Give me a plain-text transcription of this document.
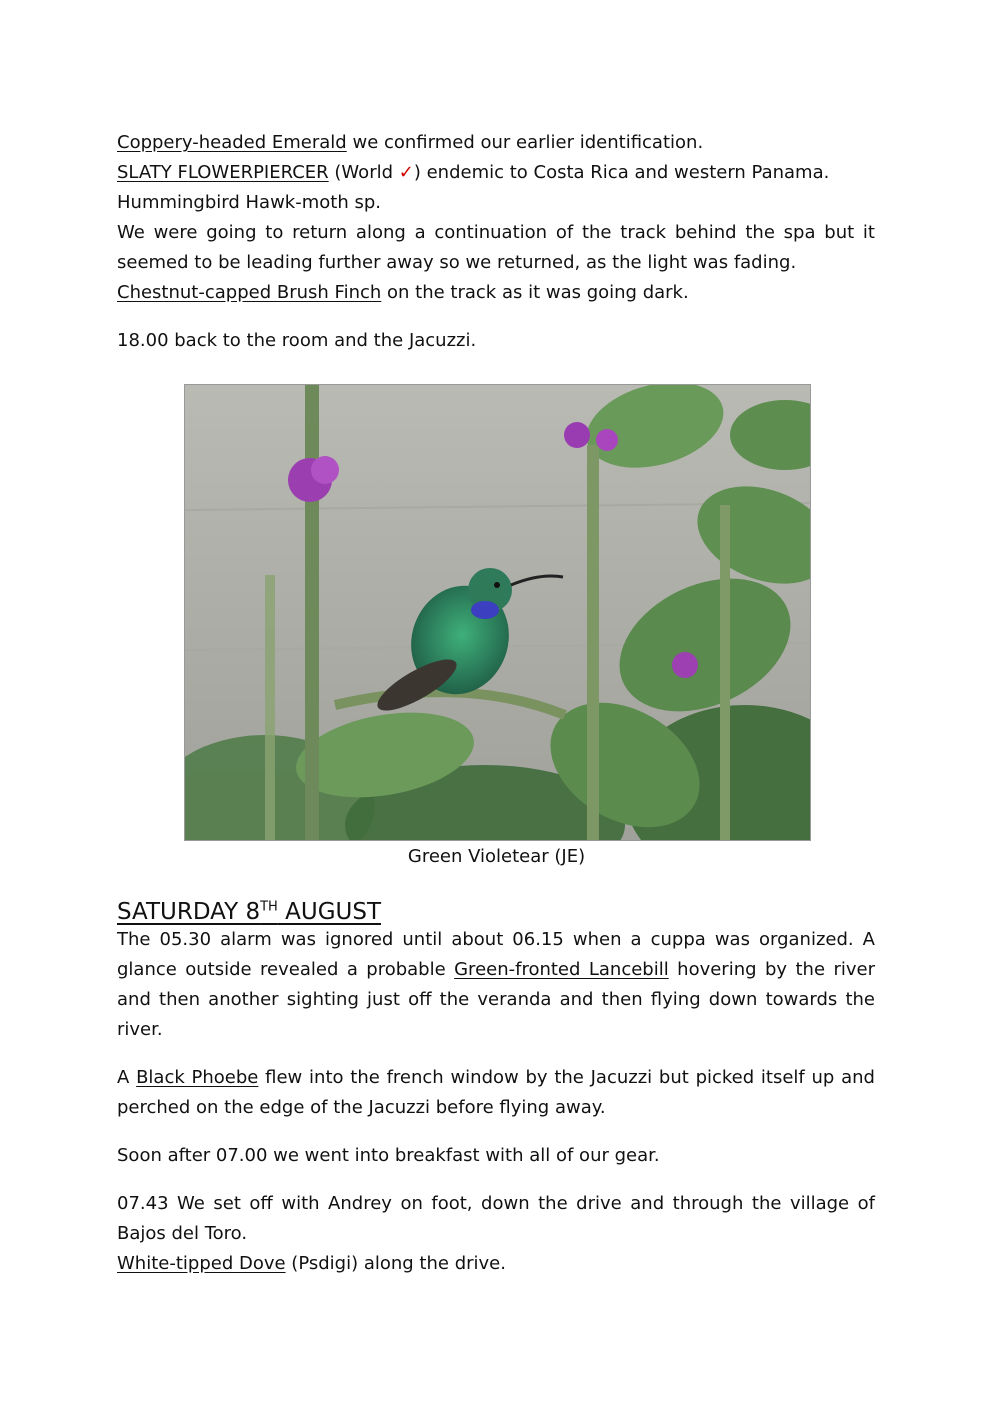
Coppery-headed Emerald we confirmed our earlier identification.

SLATY FLOWERPIERCER (World ✓) endemic to Costa Rica and western Panama.

Hummingbird Hawk-moth sp.

We were going to return along a continuation of the track behind the spa but it seemed to be leading further away so we returned, as the light was fading.

Chestnut-capped Brush Finch on the track as it was going dark.

18.00 back to the room and the Jacuzzi.

Green Violetear (JE)
SATURDAY 8TH AUGUST

The 05.30 alarm was ignored until about 06.15 when a cuppa was organized. A glance outside revealed a probable Green-fronted Lancebill hovering by the river and then another sighting just off the veranda and then flying down towards the river.

A Black Phoebe flew into the french window by the Jacuzzi but picked itself up and perched on the edge of the Jacuzzi before flying away.

Soon after 07.00 we went into breakfast with all of our gear.

07.43 We set off with Andrey on foot, down the drive and through the village of Bajos del Toro.

White-tipped Dove (Psdigi) along the drive.
